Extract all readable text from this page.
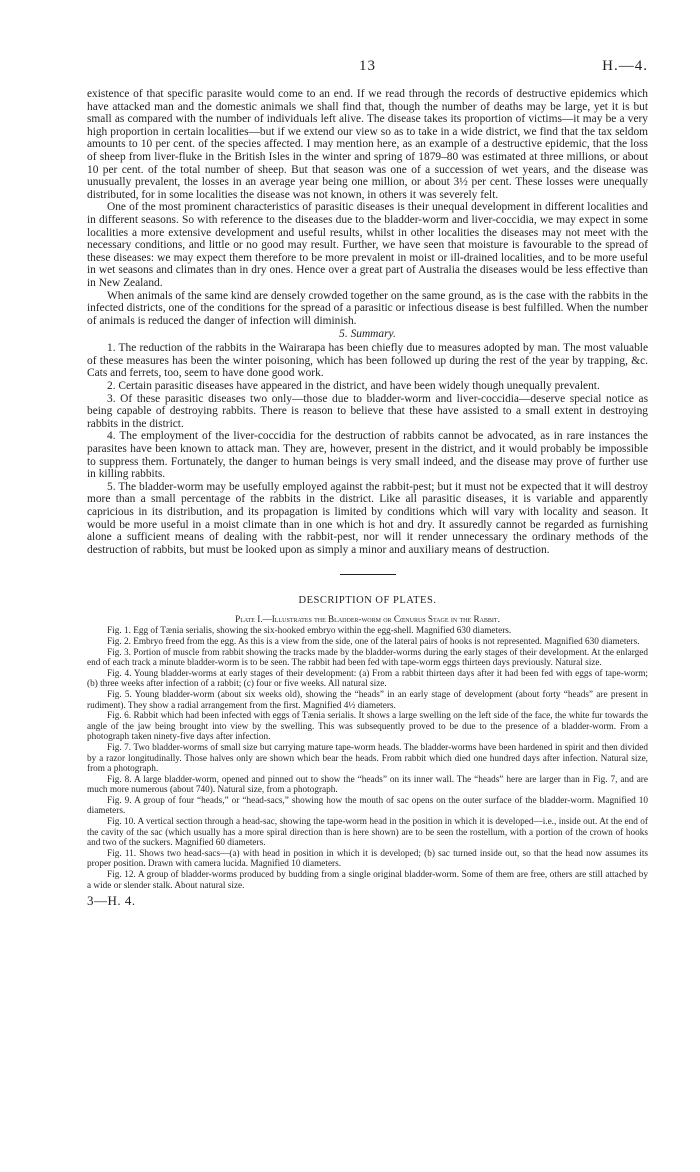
13	H.—4.

existence of that specific parasite would come to an end. If we read through the records of destructive epidemics which have attacked man and the domestic animals we shall find that, though the number of deaths may be large, yet it is but small as compared with the number of individuals left alive. The disease takes its proportion of victims—it may be a very high proportion in certain localities—but if we extend our view so as to take in a wide district, we find that the tax seldom amounts to 10 per cent. of the species affected. I may mention here, as an example of a destructive epidemic, that the loss of sheep from liver-fluke in the British Isles in the winter and spring of 1879–80 was estimated at three millions, or about 10 per cent. of the total number of sheep. But that season was one of a succession of wet years, and the disease was unusually prevalent, the losses in an average year being one million, or about 3½ per cent. These losses were unequally distributed, for in some localities the disease was not known, in others it was severely felt.

One of the most prominent characteristics of parasitic diseases is their unequal development in different localities and in different seasons. So with reference to the diseases due to the bladder-worm and liver-coccidia, we may expect in some localities a more extensive development and useful results, whilst in other localities the diseases may not meet with the necessary conditions, and little or no good may result. Further, we have seen that moisture is favourable to the spread of these diseases: we may expect them therefore to be more prevalent in moist or ill-drained localities, and to be more useful in wet seasons and climates than in dry ones. Hence over a great part of Australia the diseases would be less effective than in New Zealand.

When animals of the same kind are densely crowded together on the same ground, as is the case with the rabbits in the infected districts, one of the conditions for the spread of a parasitic or infectious disease is best fulfilled. When the number of animals is reduced the danger of infection will diminish.

5. Summary.

1. The reduction of the rabbits in the Wairarapa has been chiefly due to measures adopted by man. The most valuable of these measures has been the winter poisoning, which has been followed up during the rest of the year by trapping, &c. Cats and ferrets, too, seem to have done good work.

2. Certain parasitic diseases have appeared in the district, and have been widely though unequally prevalent.

3. Of these parasitic diseases two only—those due to bladder-worm and liver-coccidia—deserve special notice as being capable of destroying rabbits. There is reason to believe that these have assisted to a small extent in destroying rabbits in the district.

4. The employment of the liver-coccidia for the destruction of rabbits cannot be advocated, as in rare instances the parasites have been known to attack man. They are, however, present in the district, and it would probably be impossible to suppress them. Fortunately, the danger to human beings is very small indeed, and the disease may prove of further use in killing rabbits.

5. The bladder-worm may be usefully employed against the rabbit-pest; but it must not be expected that it will destroy more than a small percentage of the rabbits in the district. Like all parasitic diseases, it is variable and apparently capricious in its distribution, and its propagation is limited by conditions which will vary with locality and season. It would be more useful in a moist climate than in one which is hot and dry. It assuredly cannot be regarded as furnishing alone a sufficient means of dealing with the rabbit-pest, nor will it render unnecessary the ordinary methods of the destruction of rabbits, but must be looked upon as simply a minor and auxiliary means of destruction.

DESCRIPTION OF PLATES.
Plate I.—Illustrates the Bladder-worm or Cœnurus Stage in the Rabbit.

Fig. 1. Egg of Tænia serialis, showing the six-hooked embryo within the egg-shell. Magnified 630 diameters.

Fig. 2. Embryo freed from the egg. As this is a view from the side, one of the lateral pairs of hooks is not represented. Magnified 630 diameters.

Fig. 3. Portion of muscle from rabbit showing the tracks made by the bladder-worms during the early stages of their development. At the enlarged end of each track a minute bladder-worm is to be seen. The rabbit had been fed with tape-worm eggs thirteen days previously. Natural size.

Fig. 4. Young bladder-worms at early stages of their development: (a) From a rabbit thirteen days after it had been fed with eggs of tape-worm; (b) three weeks after infection of a rabbit; (c) four or five weeks. All natural size.

Fig. 5. Young bladder-worm (about six weeks old), showing the “heads” in an early stage of development (about forty “heads” are present in rudiment). They show a radial arrangement from the first. Magnified 4½ diameters.

Fig. 6. Rabbit which had been infected with eggs of Tænia serialis. It shows a large swelling on the left side of the face, the white fur towards the angle of the jaw being brought into view by the swelling. This was subsequently proved to be due to the presence of a bladder-worm. From a photograph taken ninety-five days after infection.

Fig. 7. Two bladder-worms of small size but carrying mature tape-worm heads. The bladder-worms have been hardened in spirit and then divided by a razor longitudinally. Those halves only are shown which bear the heads. From rabbit which died one hundred days after infection. Natural size, from a photograph.

Fig. 8. A large bladder-worm, opened and pinned out to show the “heads” on its inner wall. The “heads” here are larger than in Fig. 7, and are much more numerous (about 740). Natural size, from a photograph.

Fig. 9. A group of four “heads,” or “head-sacs,” showing how the mouth of sac opens on the outer surface of the bladder-worm. Magnified 10 diameters.

Fig. 10. A vertical section through a head-sac, showing the tape-worm head in the position in which it is developed—i.e., inside out. At the end of the cavity of the sac (which usually has a more spiral direction than is here shown) are to be seen the rostellum, with a portion of the crown of hooks and two of the suckers. Magnified 60 diameters.

Fig. 11. Shows two head-sacs—(a) with head in position in which it is developed; (b) sac turned inside out, so that the head now assumes its proper position. Drawn with camera lucida. Magnified 10 diameters.

Fig. 12. A group of bladder-worms produced by budding from a single original bladder-worm. Some of them are free, others are still attached by a wide or slender stalk. About natural size.

3—H. 4.
